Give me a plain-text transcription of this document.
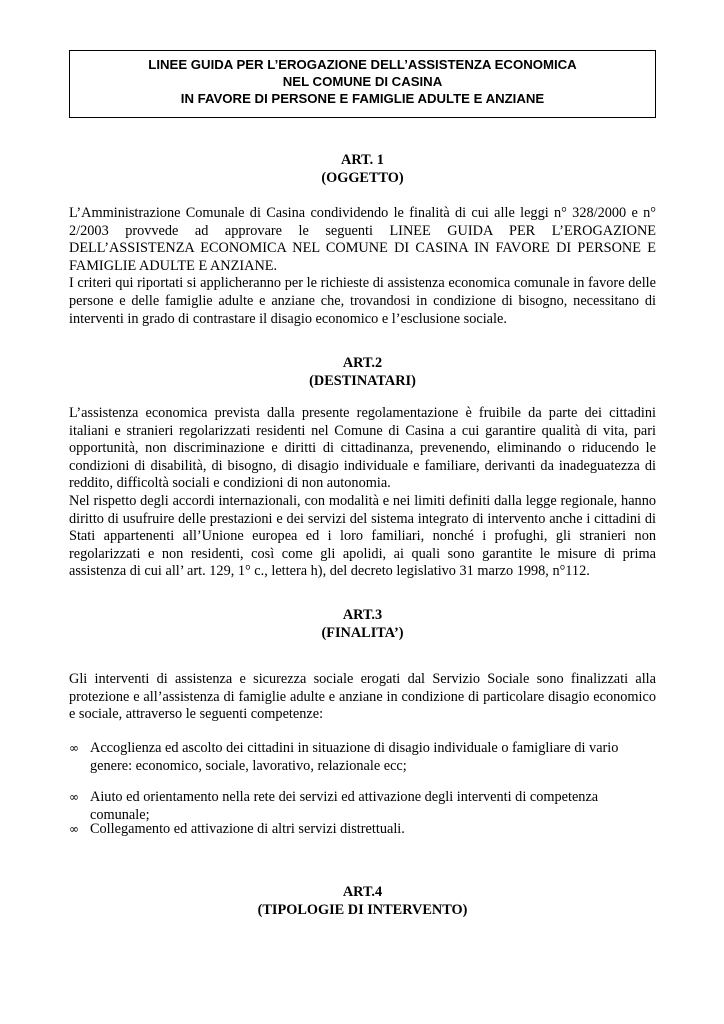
LINEE GUIDA PER L’EROGAZIONE DELL’ASSISTENZA ECONOMICA
NEL COMUNE DI CASINA
IN FAVORE DI PERSONE E FAMIGLIE ADULTE E ANZIANE
ART. 1
(OGGETTO)

L’Amministrazione Comunale di Casina condividendo le finalità di cui alle leggi n° 328/2000 e n° 2/2003 provvede ad approvare le seguenti LINEE GUIDA PER L’EROGAZIONE DELL’ASSISTENZA ECONOMICA NEL COMUNE DI CASINA IN FAVORE DI PERSONE E FAMIGLIE ADULTE E ANZIANE.

I criteri qui riportati si applicheranno per le richieste di assistenza economica comunale in favore delle persone e delle famiglie adulte e anziane che, trovandosi in condizione di bisogno, necessitano di interventi in grado di contrastare il disagio economico e l’esclusione sociale.

ART.2
(DESTINATARI)

L’assistenza economica prevista dalla presente regolamentazione è fruibile da parte dei cittadini italiani e stranieri regolarizzati residenti nel Comune di Casina a cui garantire qualità di vita, pari opportunità, non discriminazione e diritti di cittadinanza, prevenendo, eliminando o riducendo le condizioni di disabilità, di bisogno, di disagio individuale e familiare, derivanti da inadeguatezza di reddito, difficoltà sociali e condizioni di non autonomia.

Nel rispetto degli accordi internazionali, con modalità e nei limiti definiti dalla legge regionale, hanno diritto di usufruire delle prestazioni e dei servizi del sistema integrato di intervento anche i cittadini di Stati appartenenti all’Unione europea ed i loro familiari, nonché i profughi, gli stranieri non regolarizzati e non residenti, così come gli apolidi, ai quali sono garantite le misure di prima assistenza di cui all’ art. 129, 1° c., lettera h), del decreto legislativo 31 marzo 1998, n°112.

ART.3
(FINALITA’)

Gli interventi di assistenza e sicurezza sociale erogati dal Servizio Sociale sono finalizzati alla protezione e all’assistenza di famiglie adulte e anziane in condizione di particolare disagio economico e sociale, attraverso le seguenti competenze:

∞ Accoglienza ed ascolto dei cittadini in situazione di disagio individuale o famigliare di vario genere: economico, sociale, lavorativo, relazionale ecc;
∞ Aiuto ed orientamento nella rete dei servizi ed attivazione degli interventi di competenza comunale;
∞ Collegamento ed attivazione di altri servizi distrettuali.
ART.4
(TIPOLOGIE DI INTERVENTO)
